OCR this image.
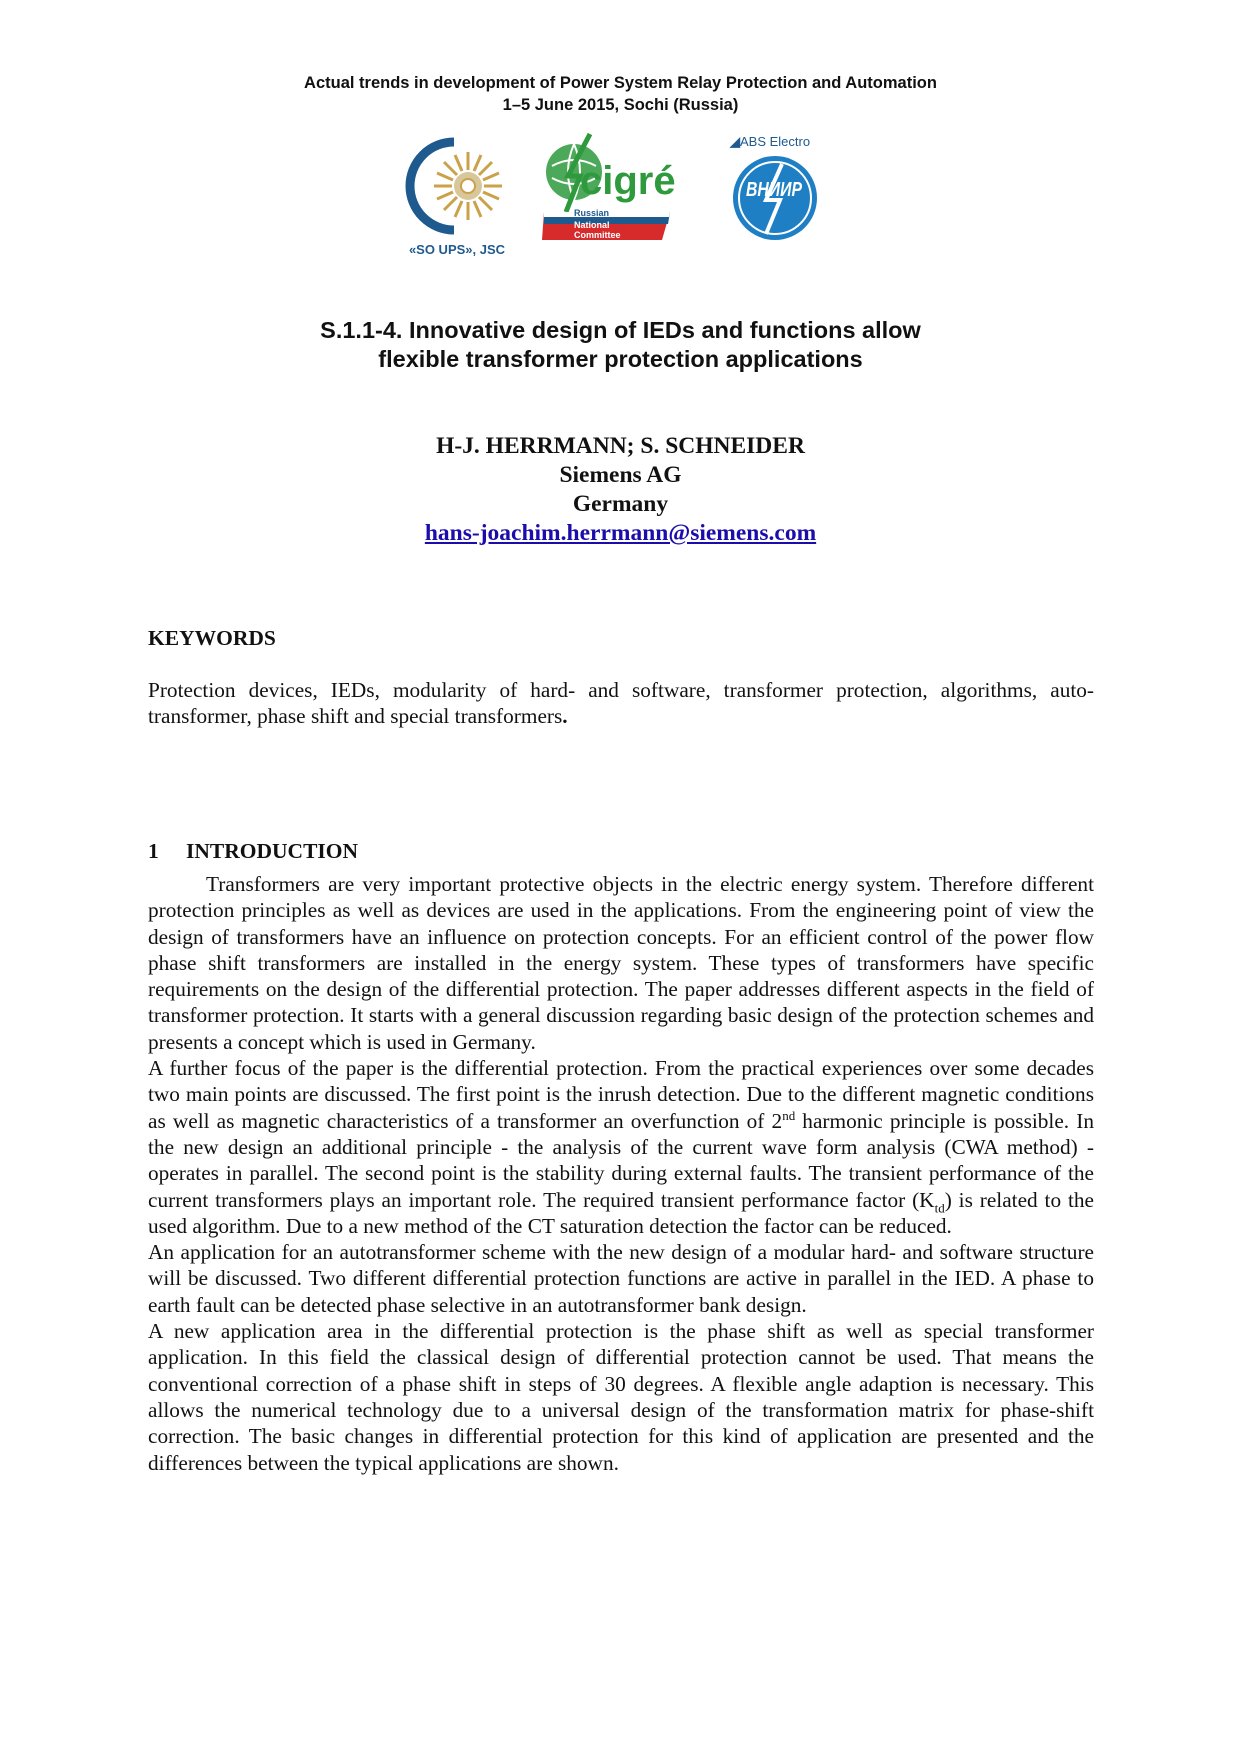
Actual trends in development of Power System Relay Protection and Automation
1–5 June 2015, Sochi (Russia)
«SO UPS», JSC
cigré
Russian
National
Committee
◢ABS Electro
ВНИИР
S.1.1-4. Innovative design of IEDs and functions allow
flexible transformer protection applications
H-J. HERRMANN; S. SCHNEIDER
Siemens AG
Germany
hans-joachim.herrmann@siemens.com
KEYWORDS

Protection devices, IEDs, modularity of hard- and software, transformer protection, algorithms, auto-transformer, phase shift and special transformers.

1 INTRODUCTION

Transformers are very important protective objects in the electric energy system. Therefore different protection principles as well as devices are used in the applications. From the engineering point of view the design of transformers have an influence on protection concepts. For an efficient control of the power flow phase shift transformers are installed in the energy system. These types of transformers have specific requirements on the design of the differential protection. The paper addresses different aspects in the field of transformer protection. It starts with a general discussion regarding basic design of the protection schemes and presents a concept which is used in Germany.

A further focus of the paper is the differential protection. From the practical experiences over some decades two main points are discussed. The first point is the inrush detection. Due to the different magnetic conditions as well as magnetic characteristics of a transformer an overfunction of 2nd harmonic principle is possible. In the new design an additional principle - the analysis of the current wave form analysis (CWA method) - operates in parallel. The second point is the stability during external faults. The transient performance of the current transformers plays an important role. The required transient performance factor $(K_{td})$ is related to the used algorithm. Due to a new method of the CT saturation detection the factor can be reduced.

An application for an autotransformer scheme with the new design of a modular hard- and software structure will be discussed. Two different differential protection functions are active in parallel in the IED. A phase to earth fault can be detected phase selective in an autotransformer bank design.

A new application area in the differential protection is the phase shift as well as special transformer application. In this field the classical design of differential protection cannot be used. That means the conventional correction of a phase shift in steps of 30 degrees. A flexible angle adaption is necessary. This allows the numerical technology due to a universal design of the transformation matrix for phase-shift correction. The basic changes in differential protection for this kind of application are presented and the differences between the typical applications are shown.
